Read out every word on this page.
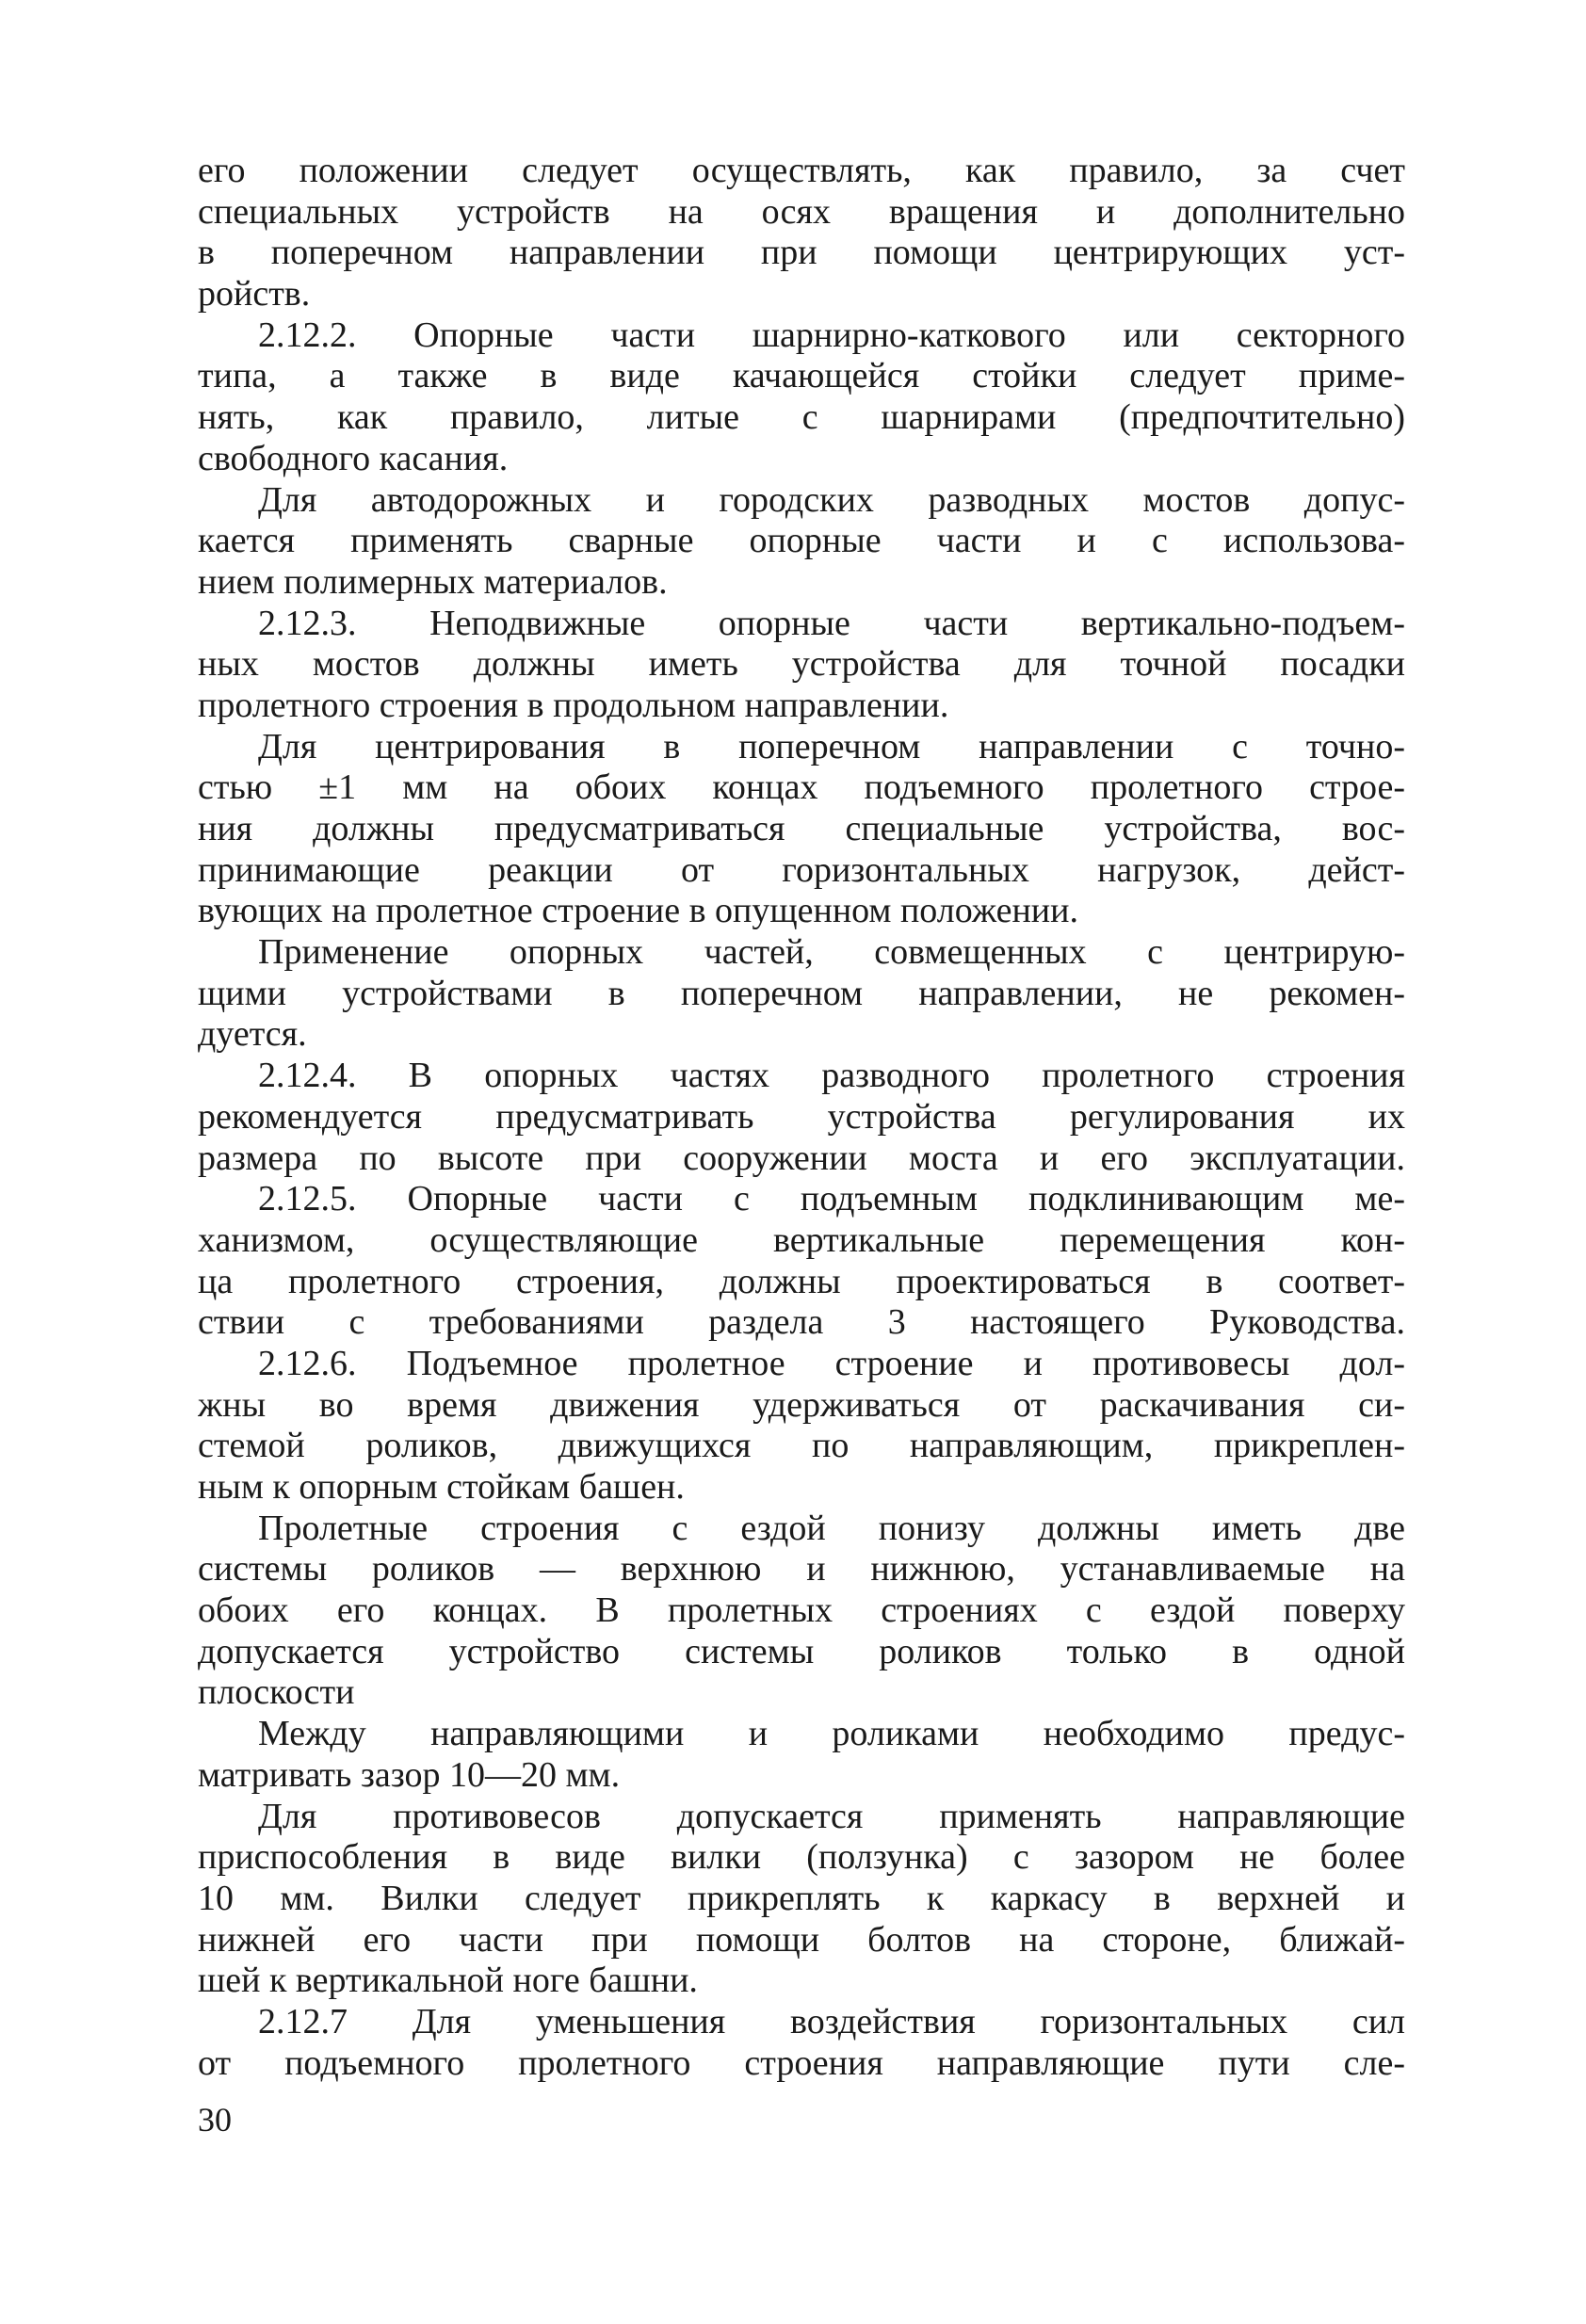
его положении следует осуществлять, как правило, за счет
специальных устройств на осях вращения и дополнительно
в поперечном направлении при помощи центрирующих уст-
ройств.
2.12.2. Опорные части шарнирно-каткового или секторного
типа, а также в виде качающейся стойки следует приме-
нять, как правило, литые с шарнирами (предпочтительно)
свободного касания.
Для автодорожных и городских разводных мостов допус-
кается применять сварные опорные части и с использова-
нием полимерных материалов.
2.12.3. Неподвижные опорные части вертикально-подъем-
ных мостов должны иметь устройства для точной посадки
пролетного строения в продольном направлении.
Для центрирования в поперечном направлении с точно-
стью ±1 мм на обоих концах подъемного пролетного строе-
ния должны предусматриваться специальные устройства, вос-
принимающие реакции от горизонтальных нагрузок, дейст-
вующих на пролетное строение в опущенном положении.
Применение опорных частей, совмещенных с центрирую-
щими устройствами в поперечном направлении, не рекомен-
дуется.
2.12.4. В опорных частях разводного пролетного строения
рекомендуется предусматривать устройства регулирования их
размера по высоте при сооружении моста и его эксплуатации.
2.12.5. Опорные части с подъемным подклинивающим ме-
ханизмом, осуществляющие вертикальные перемещения кон-
ца пролетного строения, должны проектироваться в соответ-
ствии с требованиями раздела 3 настоящего Руководства.
2.12.6. Подъемное пролетное строение и противовесы дол-
жны во время движения удерживаться от раскачивания си-
стемой роликов, движущихся по направляющим, прикреплен-
ным к опорным стойкам башен.
Пролетные строения с ездой понизу должны иметь две
системы роликов — верхнюю и нижнюю, устанавливаемые на
обоих его концах. В пролетных строениях с ездой поверху
допускается устройство системы роликов только в одной
плоскости
Между направляющими и роликами необходимо предус-
матривать зазор 10—20 мм.
Для противовесов допускается применять направляющие
приспособления в виде вилки (ползунка) с зазором не более
10 мм. Вилки следует прикреплять к каркасу в верхней и
нижней его части при помощи болтов на стороне, ближай-
шей к вертикальной ноге башни.
2.12.7 Для уменьшения воздействия горизонтальных сил
от подъемного пролетного строения направляющие пути сле-
30
